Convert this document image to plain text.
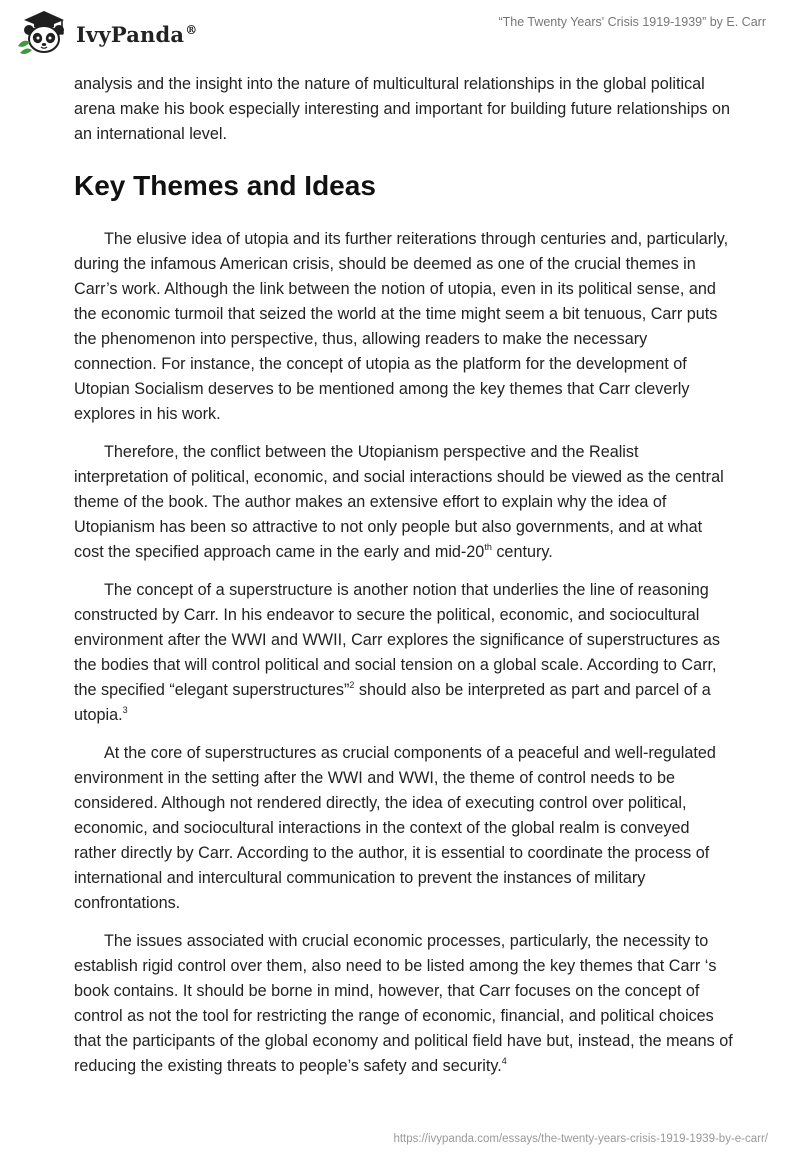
IvyPanda®
“The Twenty Years' Crisis 1919-1939” by E. Carr

analysis and the insight into the nature of multicultural relationships in the global political arena make his book especially interesting and important for building future relationships on an international level.

Key Themes and Ideas

The elusive idea of utopia and its further reiterations through centuries and, particularly, during the infamous American crisis, should be deemed as one of the crucial themes in Carr’s work. Although the link between the notion of utopia, even in its political sense, and the economic turmoil that seized the world at the time might seem a bit tenuous, Carr puts the phenomenon into perspective, thus, allowing readers to make the necessary connection. For instance, the concept of utopia as the platform for the development of Utopian Socialism deserves to be mentioned among the key themes that Carr cleverly explores in his work.

Therefore, the conflict between the Utopianism perspective and the Realist interpretation of political, economic, and social interactions should be viewed as the central theme of the book. The author makes an extensive effort to explain why the idea of Utopianism has been so attractive to not only people but also governments, and at what cost the specified approach came in the early and mid-20th century.

The concept of a superstructure is another notion that underlies the line of reasoning constructed by Carr. In his endeavor to secure the political, economic, and sociocultural environment after the WWI and WWII, Carr explores the significance of superstructures as the bodies that will control political and social tension on a global scale. According to Carr, the specified “elegant superstructures”$^2$ should also be interpreted as part and parcel of a utopia.$^3$

At the core of superstructures as crucial components of a peaceful and well-regulated environment in the setting after the WWI and WWI, the theme of control needs to be considered. Although not rendered directly, the idea of executing control over political, economic, and sociocultural interactions in the context of the global realm is conveyed rather directly by Carr. According to the author, it is essential to coordinate the process of international and intercultural communication to prevent the instances of military confrontations.

The issues associated with crucial economic processes, particularly, the necessity to establish rigid control over them, also need to be listed among the key themes that Carr ‘s book contains. It should be borne in mind, however, that Carr focuses on the concept of control as not the tool for restricting the range of economic, financial, and political choices that the participants of the global economy and political field have but, instead, the means of reducing the existing threats to people’s safety and security.$^4$

https://ivypanda.com/essays/the-twenty-years-crisis-1919-1939-by-e-carr/
